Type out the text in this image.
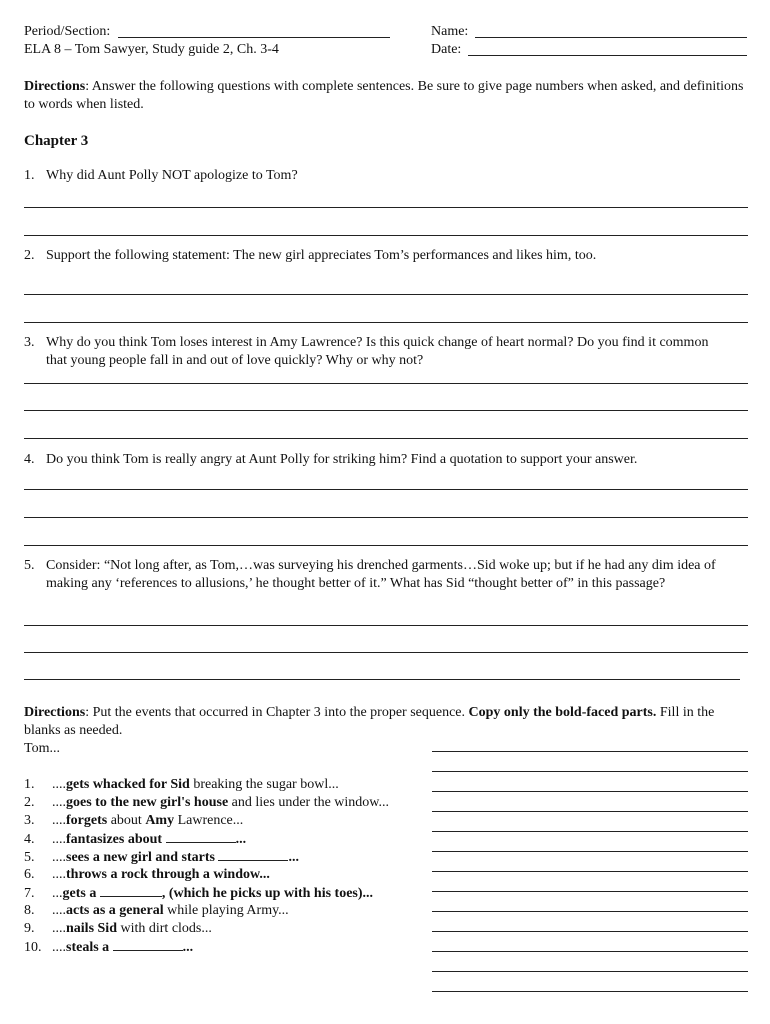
Period/Section:	Name:
ELA 8 – Tom Sawyer, Study guide 2, Ch. 3-4	Date:
Directions: Answer the following questions with complete sentences. Be sure to give page numbers when asked, and definitions to words when listed.
Chapter 3
1. Why did Aunt Polly NOT apologize to Tom?
2. Support the following statement: The new girl appreciates Tom’s performances and likes him, too.
3. Why do you think Tom loses interest in Amy Lawrence? Is this quick change of heart normal? Do you find it common that young people fall in and out of love quickly? Why or why not?
4. Do you think Tom is really angry at Aunt Polly for striking him? Find a quotation to support your answer.
5. Consider: “Not long after, as Tom,…was surveying his drenched garments…Sid woke up; but if he had any dim idea of making any ‘references to allusions,’ he thought better of it.” What has Sid “thought better of” in this passage?
Directions: Put the events that occurred in Chapter 3 into the proper sequence. Copy only the bold-faced parts. Fill in the blanks as needed.
Tom...
1. ....gets whacked for Sid breaking the sugar bowl...
2. ....goes to the new girl's house and lies under the window...
3. ....forgets about Amy Lawrence...
4. ....fantasizes about	...
5. ....sees a new girl and starts	...
6. ....throws a rock through a window...
7. ...gets a	, (which he picks up with his toes)...
8. ....acts as a general while playing Army...
9. ....nails Sid with dirt clods...
10. ....steals a	...
